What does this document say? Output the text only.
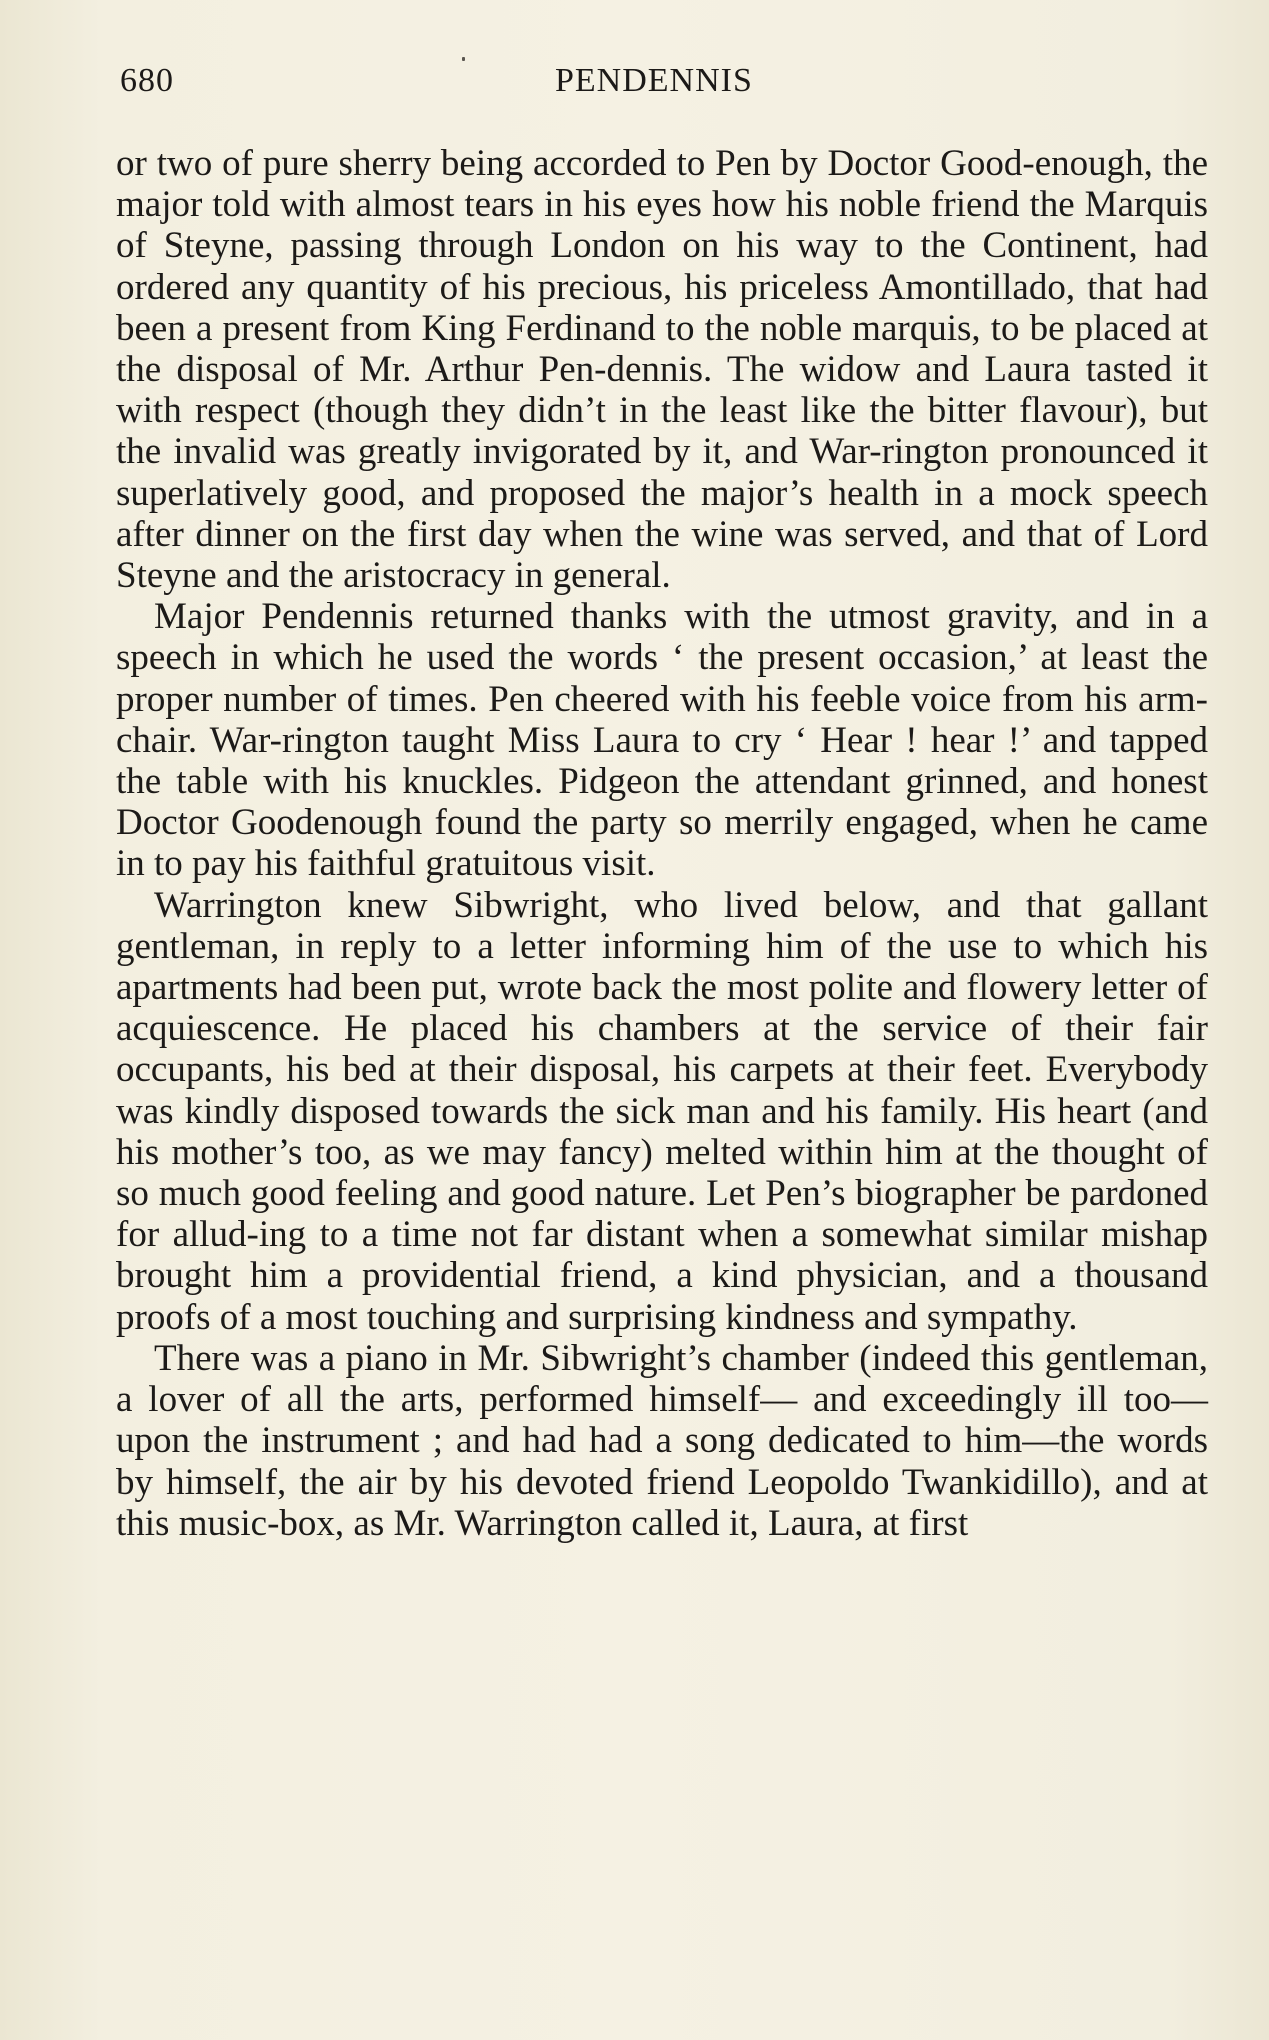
680	PENDENNIS

or two of pure sherry being accorded to Pen by Doctor Good-enough, the major told with almost tears in his eyes how his noble friend the Marquis of Steyne, passing through London on his way to the Continent, had ordered any quantity of his precious, his priceless Amontillado, that had been a present from King Ferdinand to the noble marquis, to be placed at the disposal of Mr. Arthur Pen-dennis. The widow and Laura tasted it with respect (though they didn’t in the least like the bitter flavour), but the invalid was greatly invigorated by it, and War-rington pronounced it superlatively good, and proposed the major’s health in a mock speech after dinner on the first day when the wine was served, and that of Lord Steyne and the aristocracy in general.

Major Pendennis returned thanks with the utmost gravity, and in a speech in which he used the words ‘ the present occasion,’ at least the proper number of times. Pen cheered with his feeble voice from his arm-chair. War-rington taught Miss Laura to cry ‘ Hear ! hear !’ and tapped the table with his knuckles. Pidgeon the attendant grinned, and honest Doctor Goodenough found the party so merrily engaged, when he came in to pay his faithful gratuitous visit.

Warrington knew Sibwright, who lived below, and that gallant gentleman, in reply to a letter informing him of the use to which his apartments had been put, wrote back the most polite and flowery letter of acquiescence. He placed his chambers at the service of their fair occupants, his bed at their disposal, his carpets at their feet. Everybody was kindly disposed towards the sick man and his family. His heart (and his mother’s too, as we may fancy) melted within him at the thought of so much good feeling and good nature. Let Pen’s biographer be pardoned for allud-ing to a time not far distant when a somewhat similar mishap brought him a providential friend, a kind physician, and a thousand proofs of a most touching and surprising kindness and sympathy.

There was a piano in Mr. Sibwright’s chamber (indeed this gentleman, a lover of all the arts, performed himself— and exceedingly ill too—upon the instrument ; and had had a song dedicated to him—the words by himself, the air by his devoted friend Leopoldo Twankidillo), and at this music-box, as Mr. Warrington called it, Laura, at first
